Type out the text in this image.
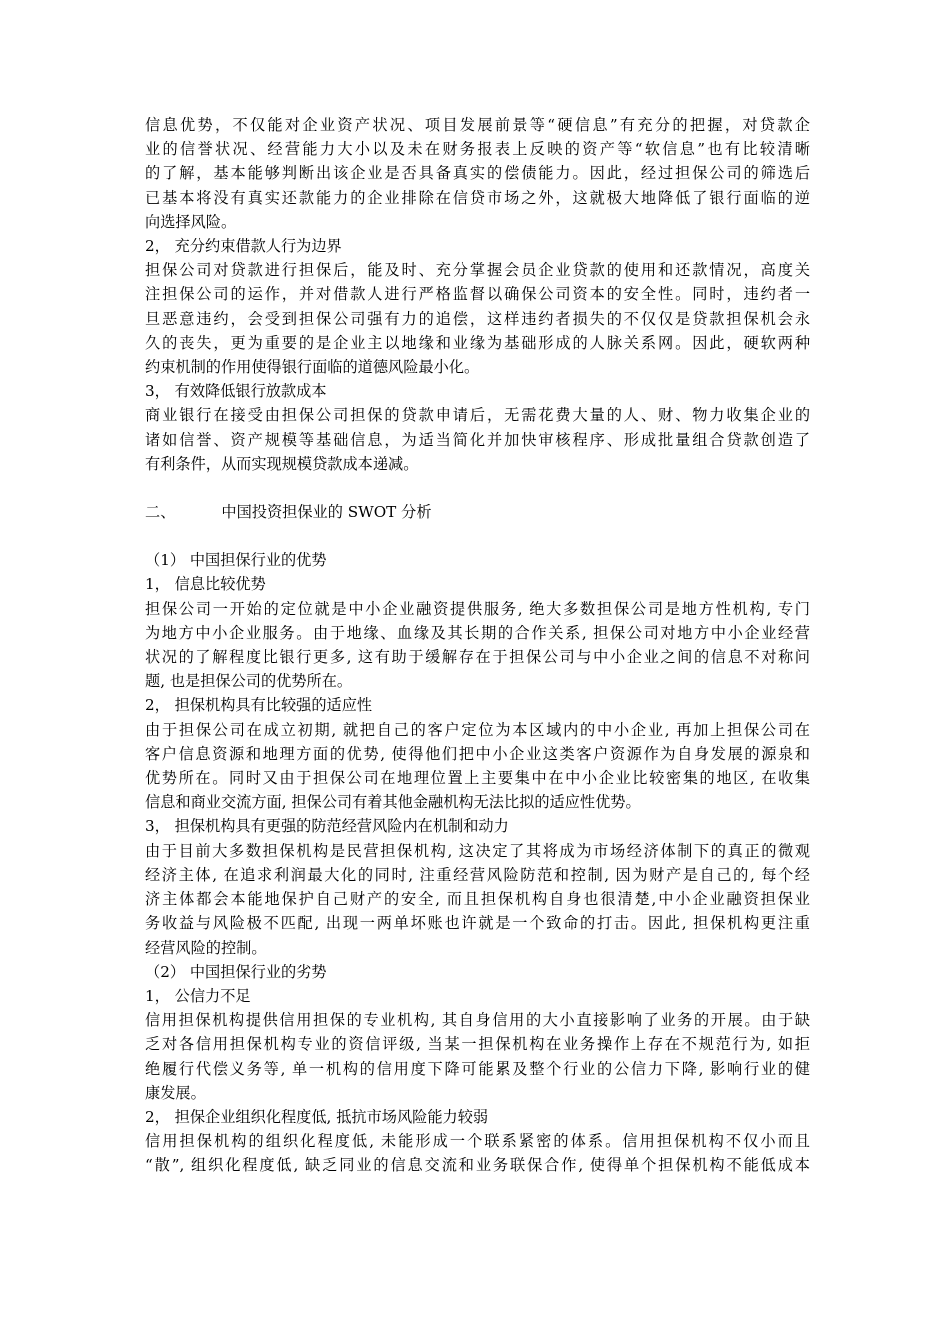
信息优势，不仅能对企业资产状况、项目发展前景等“硬信息”有充分的把握，对贷款企
业的信誉状况、经营能力大小以及未在财务报表上反映的资产等“软信息”也有比较清晰
的了解，基本能够判断出该企业是否具备真实的偿债能力。因此，经过担保公司的筛选后
已基本将没有真实还款能力的企业排除在信贷市场之外，这就极大地降低了银行面临的逆
向选择风险。
2， 充分约束借款人行为边界
担保公司对贷款进行担保后，能及时、充分掌握会员企业贷款的使用和还款情况，高度关
注担保公司的运作，并对借款人进行严格监督以确保公司资本的安全性。同时，违约者一
旦恶意违约，会受到担保公司强有力的追偿，这样违约者损失的不仅仅是贷款担保机会永
久的丧失，更为重要的是企业主以地缘和业缘为基础形成的人脉关系网。因此，硬软两种
约束机制的作用使得银行面临的道德风险最小化。
3， 有效降低银行放款成本
商业银行在接受由担保公司担保的贷款申请后，无需花费大量的人、财、物力收集企业的
诸如信誉、资产规模等基础信息，为适当简化并加快审核程序、形成批量组合贷款创造了
有利条件，从而实现规模贷款成本递减。
二、	中国投资担保业的 SWOT 分析
（1） 中国担保行业的优势
1， 信息比较优势
担保公司一开始的定位就是中小企业融资提供服务, 绝大多数担保公司是地方性机构, 专门
为地方中小企业服务。由于地缘、血缘及其长期的合作关系, 担保公司对地方中小企业经营
状况的了解程度比银行更多, 这有助于缓解存在于担保公司与中小企业之间的信息不对称问
题, 也是担保公司的优势所在。
2， 担保机构具有比较强的适应性
由于担保公司在成立初期, 就把自己的客户定位为本区域内的中小企业, 再加上担保公司在
客户信息资源和地理方面的优势, 使得他们把中小企业这类客户资源作为自身发展的源泉和
优势所在。同时又由于担保公司在地理位置上主要集中在中小企业比较密集的地区, 在收集
信息和商业交流方面, 担保公司有着其他金融机构无法比拟的适应性优势。
3， 担保机构具有更强的防范经营风险内在机制和动力
由于目前大多数担保机构是民营担保机构, 这决定了其将成为市场经济体制下的真正的微观
经济主体, 在追求利润最大化的同时, 注重经营风险防范和控制, 因为财产是自己的, 每个经
济主体都会本能地保护自己财产的安全, 而且担保机构自身也很清楚,中小企业融资担保业
务收益与风险极不匹配, 出现一两单坏账也许就是一个致命的打击。因此, 担保机构更注重
经营风险的控制。
（2） 中国担保行业的劣势
1， 公信力不足
信用担保机构提供信用担保的专业机构, 其自身信用的大小直接影响了业务的开展。由于缺
乏对各信用担保机构专业的资信评级, 当某一担保机构在业务操作上存在不规范行为, 如拒
绝履行代偿义务等, 单一机构的信用度下降可能累及整个行业的公信力下降, 影响行业的健
康发展。
2， 担保企业组织化程度低, 抵抗市场风险能力较弱
信用担保机构的组织化程度低, 未能形成一个联系紧密的体系。信用担保机构不仅小而且
“散”, 组织化程度低, 缺乏同业的信息交流和业务联保合作, 使得单个担保机构不能低成本
